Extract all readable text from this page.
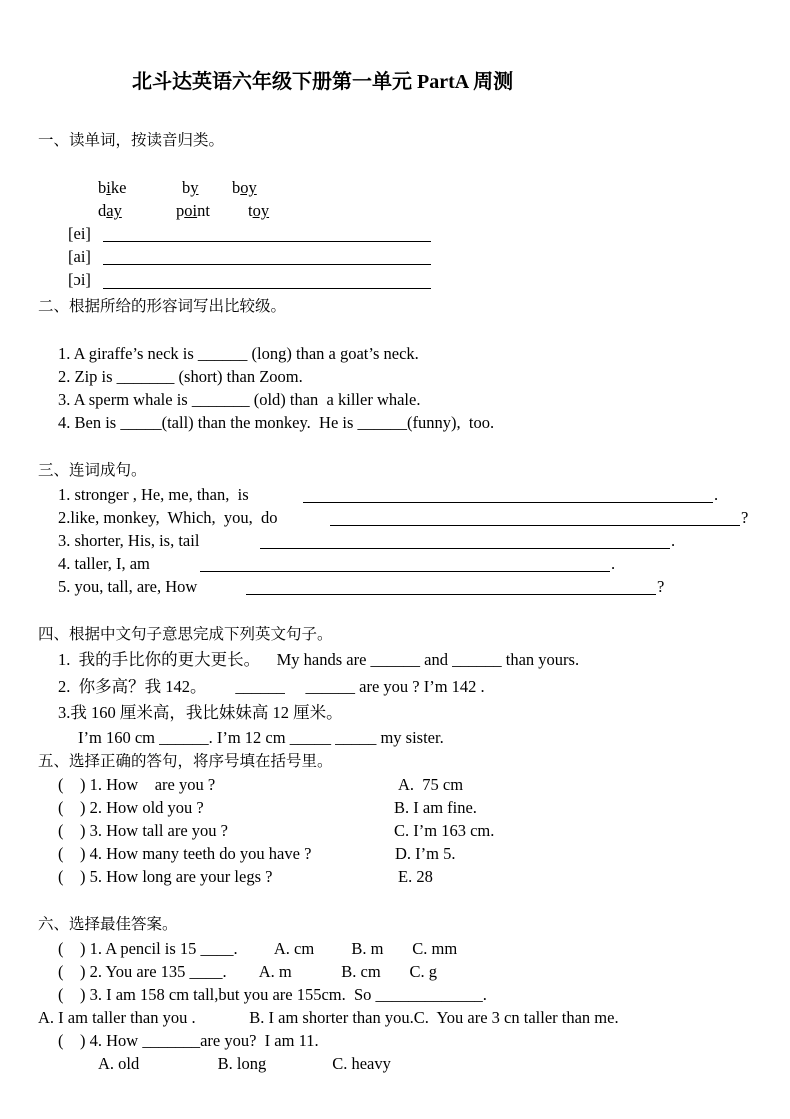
北斗达英语六年级下册第一单元 PartA 周测
一、读单词，按读音归类。
bike	by boy
day	point toy
[ei]
[ai]
[ɔi]
二、根据所给的形容词写出比较级。
1. A giraffe’s neck is ______ (long) than a goat’s neck.
2. Zip is _______ (short) than Zoom.
3. A sperm whale is _______ (old) than  a killer whale.
4. Ben is _____(tall) than the monkey.  He is ______(funny),  too.
三、连词成句。
1. stronger , He, me, than,  is	.
2.like, monkey,  Which,  you,  do	?
3. shorter, His, is, tail	.
4. taller, I, am	.
5. you, tall, are, How	?
四、根据中文句子意思完成下列英文句子。
1.  我的手比你的更大更长。    My hands are ______ and ______ than yours.
2.  你多高？我 142。       ______     ______ are you ? I’m 142 .
3.我 160 厘米高，我比妹妹高 12 厘米。
I’m 160 cm ______. I’m 12 cm _____ _____ my sister.
五、选择正确的答句，将序号填在括号里。
(    ) 1. How    are you ?	A.  75 cm
(    ) 2. How old you ?	B. I am fine.
(    ) 3. How tall are you ?	C. I’m 163 cm.
(    ) 4. How many teeth do you have ?	D. I’m 5.
(    ) 5. How long are your legs ?	E. 28
六、选择最佳答案。
(    ) 1. A pencil is 15 ____.         A. cm         B. m       C. mm
(    ) 2. You are 135 ____.        A. m            B. cm       C. g
(    ) 3. I am 158 cm tall,but you are 155cm.  So _____________.
A. I am taller than you .             B. I am shorter than you.C.  You are 3 cn taller than me.
(    ) 4. How _______are you?  I am 11.
A. old                   B. long                C. heavy
